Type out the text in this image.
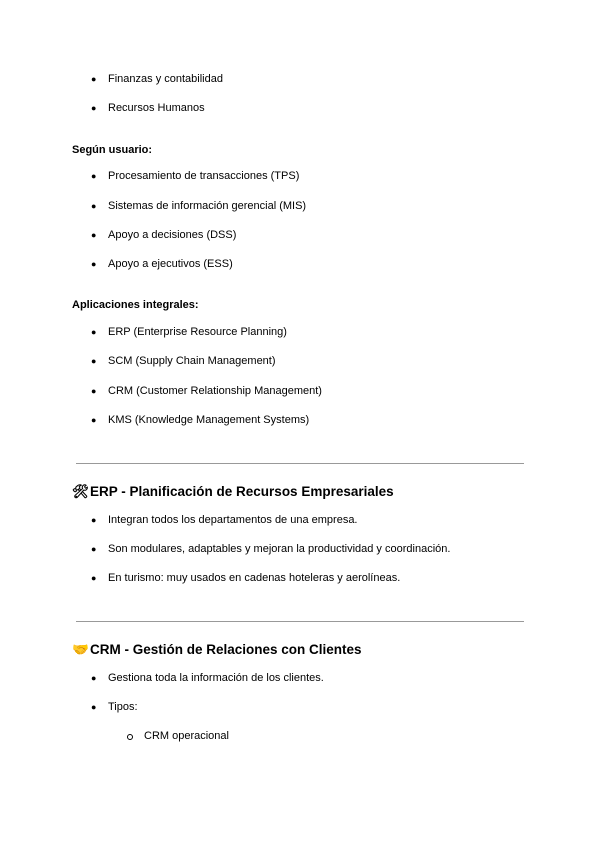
● Finanzas y contabilidad
● Recursos Humanos
Según usuario:
● Procesamiento de transacciones (TPS)
● Sistemas de información gerencial (MIS)
● Apoyo a decisiones (DSS)
● Apoyo a ejecutivos (ESS)
Aplicaciones integrales:
● ERP (Enterprise Resource Planning)
● SCM (Supply Chain Management)
● CRM (Customer Relationship Management)
● KMS (Knowledge Management Systems)
🛠ERP - Planificación de Recursos Empresariales
● Integran todos los departamentos de una empresa.
● Son modulares, adaptables y mejoran la productividad y coordinación.
● En turismo: muy usados en cadenas hoteleras y aerolíneas.
🤝CRM - Gestión de Relaciones con Clientes
● Gestiona toda la información de los clientes.
● Tipos:
CRM operacional
